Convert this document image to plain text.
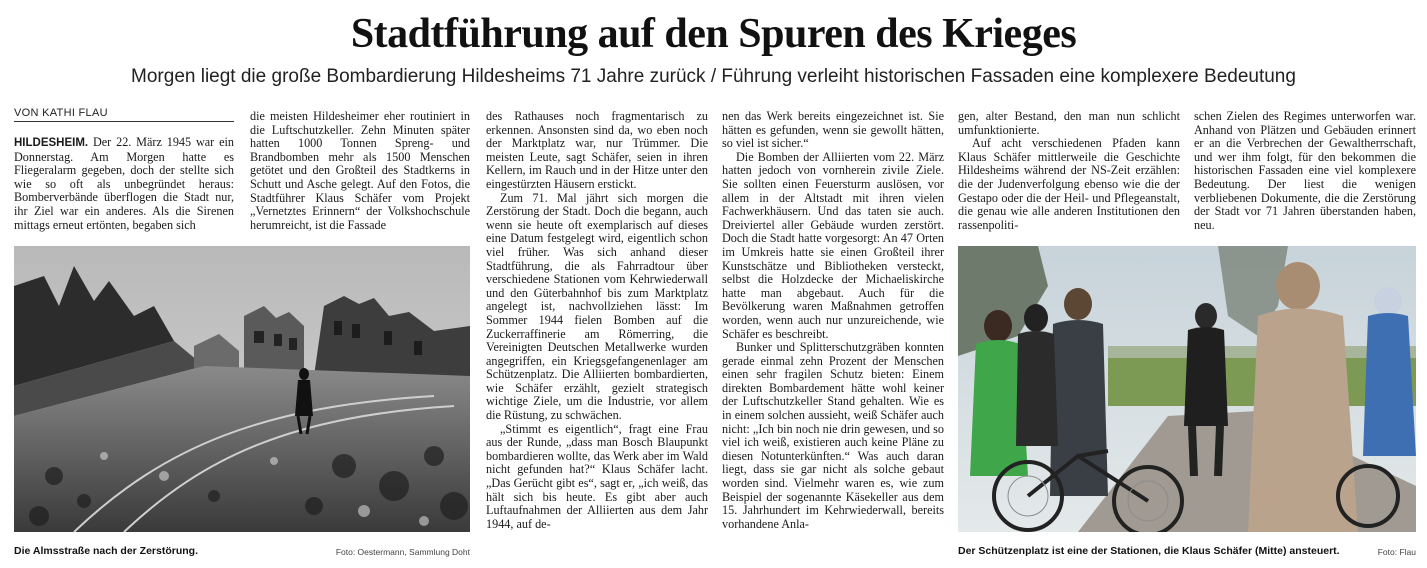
Stadtführung auf den Spuren des Krieges
Morgen liegt die große Bombardierung Hildesheims 71 Jahre zurück / Führung verleiht historischen Fassaden eine komplexere Bedeutung
VON KATHI FLAU

HILDESHEIM. Der 22. März 1945 war ein Donnerstag. Am Morgen hatte es Fliegeralarm gegeben, doch der stellte sich wie so oft als unbegründet heraus: Bomberverbände überflogen die Stadt nur, ihr Ziel war ein anderes. Als die Sirenen mittags erneut ertönten, begaben sich

die meisten Hildesheimer eher routiniert in die Luftschutzkeller. Zehn Minuten später hatten 1000 Tonnen Spreng- und Brandbomben mehr als 1500 Menschen getötet und den Großteil des Stadtkerns in Schutt und Asche gelegt. Auf den Fotos, die Stadtführer Klaus Schäfer vom Projekt „Vernetztes Erinnern“ der Volkshochschule herumreicht, ist die Fassade

Die Almsstraße nach der Zerstörung.	Foto: Oestermann, Sammlung Doht

des Rathauses noch fragmentarisch zu erkennen. Ansonsten sind da, wo eben noch der Marktplatz war, nur Trümmer. Die meisten Leute, sagt Schäfer, seien in ihren Kellern, im Rauch und in der Hitze unter den eingestürzten Häusern erstickt.

Zum 71. Mal jährt sich morgen die Zerstörung der Stadt. Doch die begann, auch wenn sie heute oft exemplarisch auf dieses eine Datum festgelegt wird, eigentlich schon viel früher. Was sich anhand dieser Stadtführung, die als Fahrradtour über verschiedene Stationen vom Kehrwiederwall und den Güterbahnhof bis zum Marktplatz angelegt ist, nachvollziehen lässt: Im Sommer 1944 fielen Bomben auf die Zuckerraffinerie am Römerring, die Vereinigten Deutschen Metallwerke wurden angegriffen, ein Kriegsgefangenenlager am Schützenplatz. Die Alliierten bombardierten, wie Schäfer erzählt, gezielt strategisch wichtige Ziele, um die Industrie, vor allem die Rüstung, zu schwächen.

„Stimmt es eigentlich“, fragt eine Frau aus der Runde, „dass man Bosch Blaupunkt bombardieren wollte, das Werk aber im Wald nicht gefunden hat?“ Klaus Schäfer lacht. „Das Gerücht gibt es“, sagt er, „ich weiß, das hält sich bis heute. Es gibt aber auch Luftaufnahmen der Alliierten aus dem Jahr 1944, auf de-

nen das Werk bereits eingezeichnet ist. Sie hätten es gefunden, wenn sie gewollt hätten, so viel ist sicher.“

Die Bomben der Alliierten vom 22. März hatten jedoch von vornherein zivile Ziele. Sie sollten einen Feuersturm auslösen, vor allem in der Altstadt mit ihren vielen Fachwerkhäusern. Und das taten sie auch. Dreiviertel aller Gebäude wurden zerstört. Doch die Stadt hatte vorgesorgt: An 47 Orten im Umkreis hatte sie einen Großteil ihrer Kunstschätze und Bibliotheken versteckt, selbst die Holzdecke der Michaeliskirche hatte man abgebaut. Auch für die Bevölkerung waren Maßnahmen getroffen worden, wenn auch nur unzureichende, wie Schäfer es beschreibt.

Bunker und Splitterschutzgräben konnten gerade einmal zehn Prozent der Menschen einen sehr fragilen Schutz bieten: Einem direkten Bombardement hätte wohl keiner der Luftschutzkeller Stand gehalten. Wie es in einem solchen aussieht, weiß Schäfer auch nicht: „Ich bin noch nie drin gewesen, und so viel ich weiß, existieren auch keine Pläne zu diesen Notunterkünften.“ Was auch daran liegt, dass sie gar nicht als solche gebaut worden sind. Vielmehr waren es, wie zum Beispiel der sogenannte Käsekeller aus dem 15. Jahrhundert im Kehrwiederwall, bereits vorhandene Anla-

gen, alter Bestand, den man nun schlicht umfunktionierte.

Auf acht verschiedenen Pfaden kann Klaus Schäfer mittlerweile die Geschichte Hildesheims während der NS-Zeit erzählen: die der Judenverfolgung ebenso wie die der Gestapo oder die der Heil- und Pflegeanstalt, die genau wie alle anderen Institutionen den rassenpoliti-

schen Zielen des Regimes unterworfen war. Anhand von Plätzen und Gebäuden erinnert er an die Verbrechen der Gewaltherrschaft, und wer ihm folgt, für den bekommen die historischen Fassaden eine viel komplexere Bedeutung. Der liest die wenigen verbliebenen Dokumente, die die Zerstörung der Stadt vor 71 Jahren überstanden haben, neu.

Der Schützenplatz ist eine der Stationen, die Klaus Schäfer (Mitte) ansteuert.	Foto: Flau
